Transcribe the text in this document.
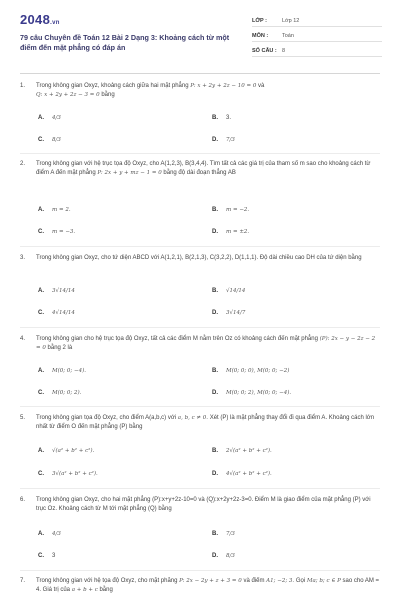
2048.vn
79 câu Chuyên đề Toán 12 Bài 2 Dạng 3: Khoảng cách từ một điểm đến mặt phẳng có đáp án
LỚP :	Lớp 12
MÔN :	Toán
SỐ CÂU : 8
1.	Trong không gian Oxyz, khoảng cách giữa hai mặt phẳng P: x + 2y + 2z − 10 = 0 và
Q: x + 2y + 2z − 3 = 0 bằng
A. 4/3	B. 3.
C. 8/3	D. 7/3
2.	Trong không gian với hệ trục tọa độ Oxyz, cho A(1,2,3), B(3,4,4). Tìm tất cả các giá trị của tham số m sao cho khoảng cách từ điểm A đến mặt phẳng P: 2x + y + mz − 1 = 0 bằng độ dài đoạn thẳng AB
A. m = 2.	B. m = −2.
C. m = −3.	D. m = ±2.
3.	Trong không gian Oxyz, cho tứ diện ABCD với A(1,2,1), B(2,1,3), C(3,2,2), D(1,1,1). Độ dài chiều cao DH của tứ diện bằng
A. 3√14/14	B. √14/14
C. 4√14/14	D. 3√14/7
4.	Trong không gian cho hệ trục tọa độ Oxyz, tất cả các điểm M nằm trên Oz có khoảng cách đến mặt phẳng (P): 2x − y − 2z − 2 = 0 bằng 2 là
A. M(0; 0; −4).	B. M(0; 0; 0), M(0; 0; −2)
C. M(0; 0; 2).	D. M(0; 0; 2), M(0; 0; −4).
5.	Trong không gian tọa độ Oxyz, cho điểm A(a,b,c) với a, b, c ≠ 0. Xét (P) là mặt phẳng thay đổi đi qua điểm A. Khoảng cách lớn nhất từ điểm O đến mặt phẳng (P) bằng
A. √(a² + b² + c²).	B. 2√(a² + b² + c²).
C. 3√(a² + b² + c²).	D. 4√(a² + b² + c²).
6.	Trong không gian Oxyz, cho hai mặt phẳng (P):x+y+2z-10=0 và (Q):x+2y+2z-3=0. Điểm M là giao điểm của mặt phẳng (P) với trục Oz. Khoảng cách từ M tới mặt phẳng (Q) bằng
A. 4/3	B. 7/3
C. 3	D. 8/3
7.	Trong không gian với hệ tọa độ Oxyz, cho mặt phẳng P: 2x − 2y + z + 3 = 0 và điểm A1; −2; 3. Gọi Ma; b; c ∈ P sao cho AM = 4. Giá trị của a + b + c bằng
